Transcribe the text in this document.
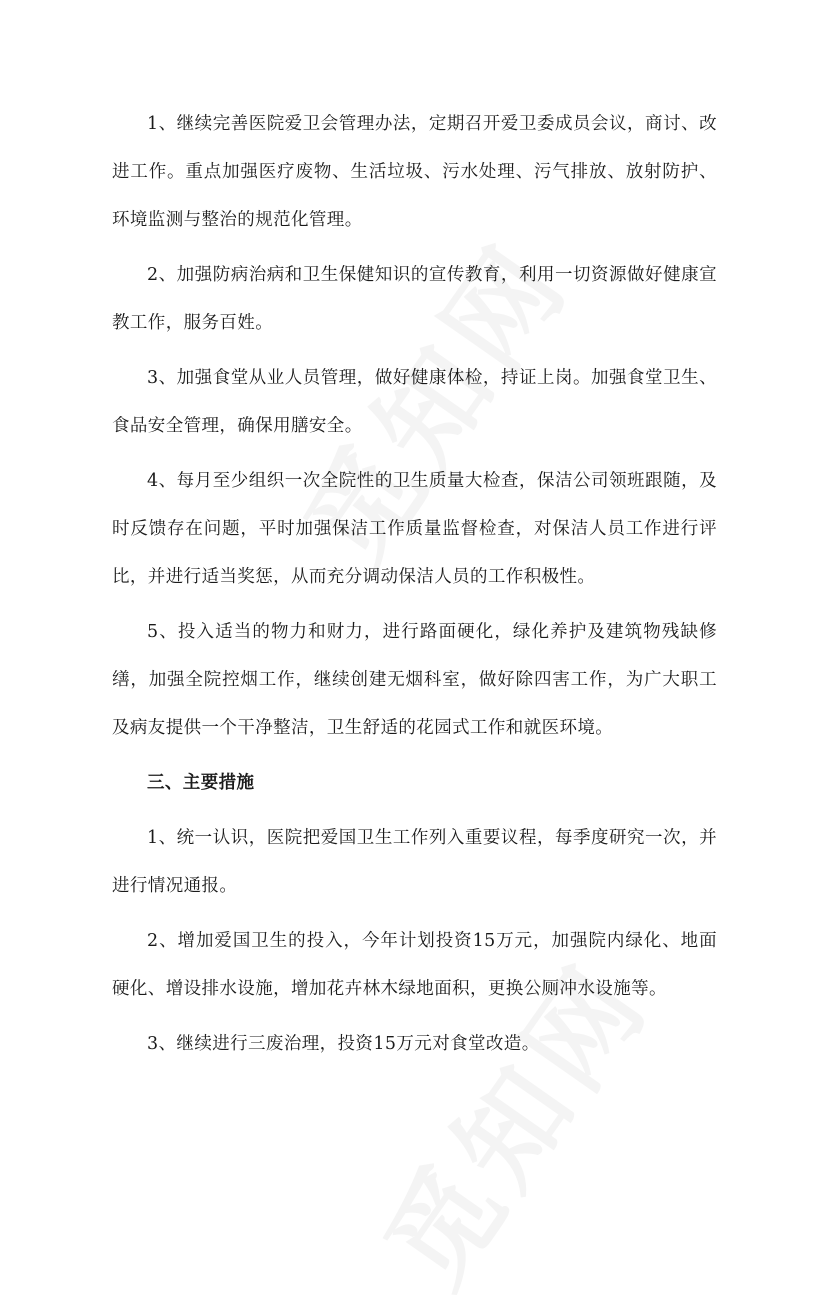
1、继续完善医院爱卫会管理办法，定期召开爱卫委成员会议，商讨、改进工作。重点加强医疗废物、生活垃圾、污水处理、污气排放、放射防护、环境监测与整治的规范化管理。

2、加强防病治病和卫生保健知识的宣传教育，利用一切资源做好健康宣教工作，服务百姓。

3、加强食堂从业人员管理，做好健康体检，持证上岗。加强食堂卫生、食品安全管理，确保用膳安全。

4、每月至少组织一次全院性的卫生质量大检查，保洁公司领班跟随，及时反馈存在问题，平时加强保洁工作质量监督检查，对保洁人员工作进行评比，并进行适当奖惩，从而充分调动保洁人员的工作积极性。

5、投入适当的物力和财力，进行路面硬化，绿化养护及建筑物残缺修缮，加强全院控烟工作，继续创建无烟科室，做好除四害工作，为广大职工及病友提供一个干净整洁，卫生舒适的花园式工作和就医环境。

三、主要措施

1、统一认识，医院把爱国卫生工作列入重要议程，每季度研究一次，并进行情况通报。

2、增加爱国卫生的投入，今年计划投资15万元，加强院内绿化、地面硬化、增设排水设施，增加花卉林木绿地面积，更换公厕冲水设施等。

3、继续进行三废治理，投资15万元对食堂改造。
